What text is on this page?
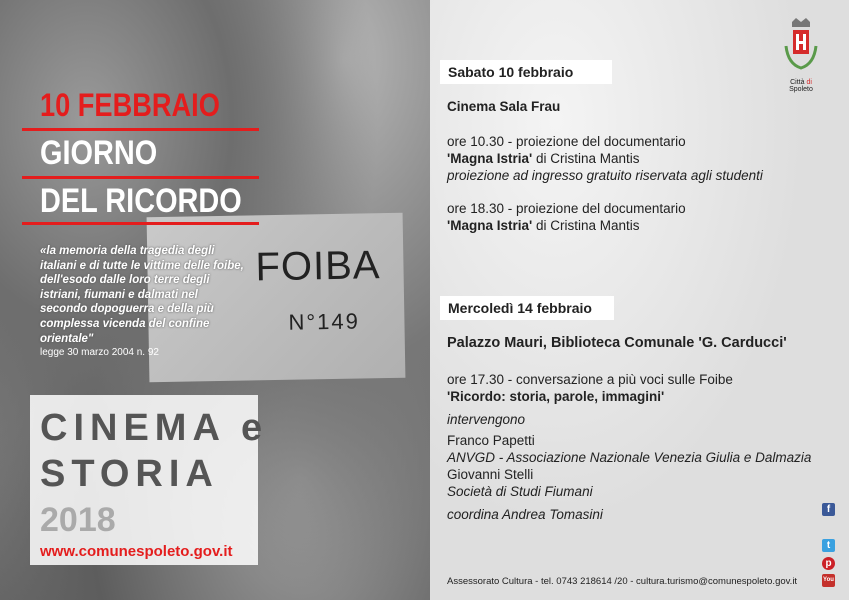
FOIBA
N°149
10 FEBBRAIO
GIORNO
DEL RICORDO
«la memoria della tragedia degli italiani e di tutte le vittime delle foibe, dell'esodo dalle loro terre degli istriani, fiumani e dalmati nel secondo dopoguerra e della più complessa vicenda del confine orientale"
legge 30 marzo 2004 n. 92
CINEMA e
STORIA
2018
www.comunespoleto.gov.it
Città di Spoleto
Sabato 10 febbraio
Cinema Sala Frau
ore 10.30 - proiezione del documentario
'Magna Istria' di Cristina Mantis
proiezione ad ingresso gratuito riservata agli studenti
ore 18.30 - proiezione del documentario
'Magna Istria' di Cristina Mantis
Mercoledì 14 febbraio
Palazzo Mauri, Biblioteca Comunale 'G. Carducci'
ore 17.30 - conversazione a più voci sulle Foibe
'Ricordo: storia, parole, immagini'
intervengono
Franco Papetti
ANVGD - Associazione Nazionale Venezia Giulia e Dalmazia
Giovanni Stelli
Società di Studi Fiumani
coordina Andrea Tomasini
Assessorato Cultura - tel. 0743 218614 /20 - cultura.turismo@comunespoleto.gov.it
f
t
p
You
